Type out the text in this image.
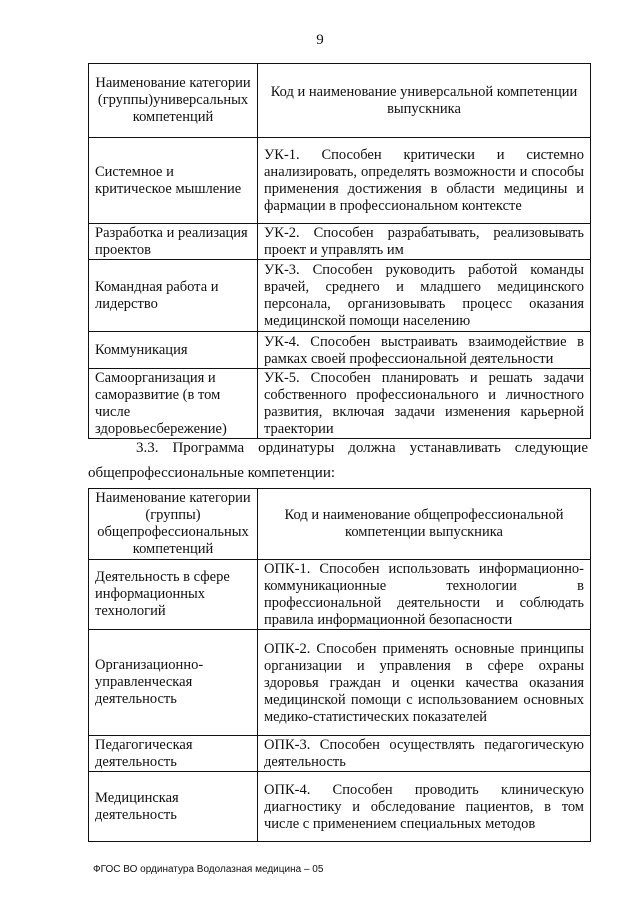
9
Наименование категории (группы)универсальных компетенций	Код и наименование универсальной компетенции выпускника
Системное и критическое мышление	УК-1. Способен критически и системно анализировать, определять возможности и способы применения достижения в области медицины и фармации в профессиональном контексте
Разработка и реализация проектов	УК-2. Способен разрабатывать, реализовывать проект и управлять им
Командная работа и лидерство	УК-3. Способен руководить работой команды врачей, среднего и младшего медицинского персонала, организовывать процесс оказания медицинской помощи населению
Коммуникация	УК-4. Способен выстраивать взаимодействие в рамках своей профессиональной деятельности
Самоорганизация и саморазвитие (в том числе здоровьесбережение)	УК-5. Способен планировать и решать задачи собственного профессионального и личностного развития, включая задачи изменения карьерной траектории
3.3. Программа ординатуры должна устанавливать следующие
общепрофессиональные компетенции:
Наименование категории (группы) общепрофессиональных компетенций	Код и наименование общепрофессиональной компетенции выпускника
Деятельность в сфере информационных технологий	ОПК-1. Способен использовать информационно-коммуникационные технологии в профессиональной деятельности и соблюдать правила информационной безопасности
Организационно-управленческая деятельность	ОПК-2. Способен применять основные принципы организации и управления в сфере охраны здоровья граждан и оценки качества оказания медицинской помощи с использованием основных медико-статистических показателей
Педагогическая деятельность	ОПК-3. Способен осуществлять педагогическую деятельность
Медицинская деятельность	ОПК-4. Способен проводить клиническую диагностику и обследование пациентов, в том числе с применением специальных методов
ФГОС ВО ординатура Водолазная медицина – 05
